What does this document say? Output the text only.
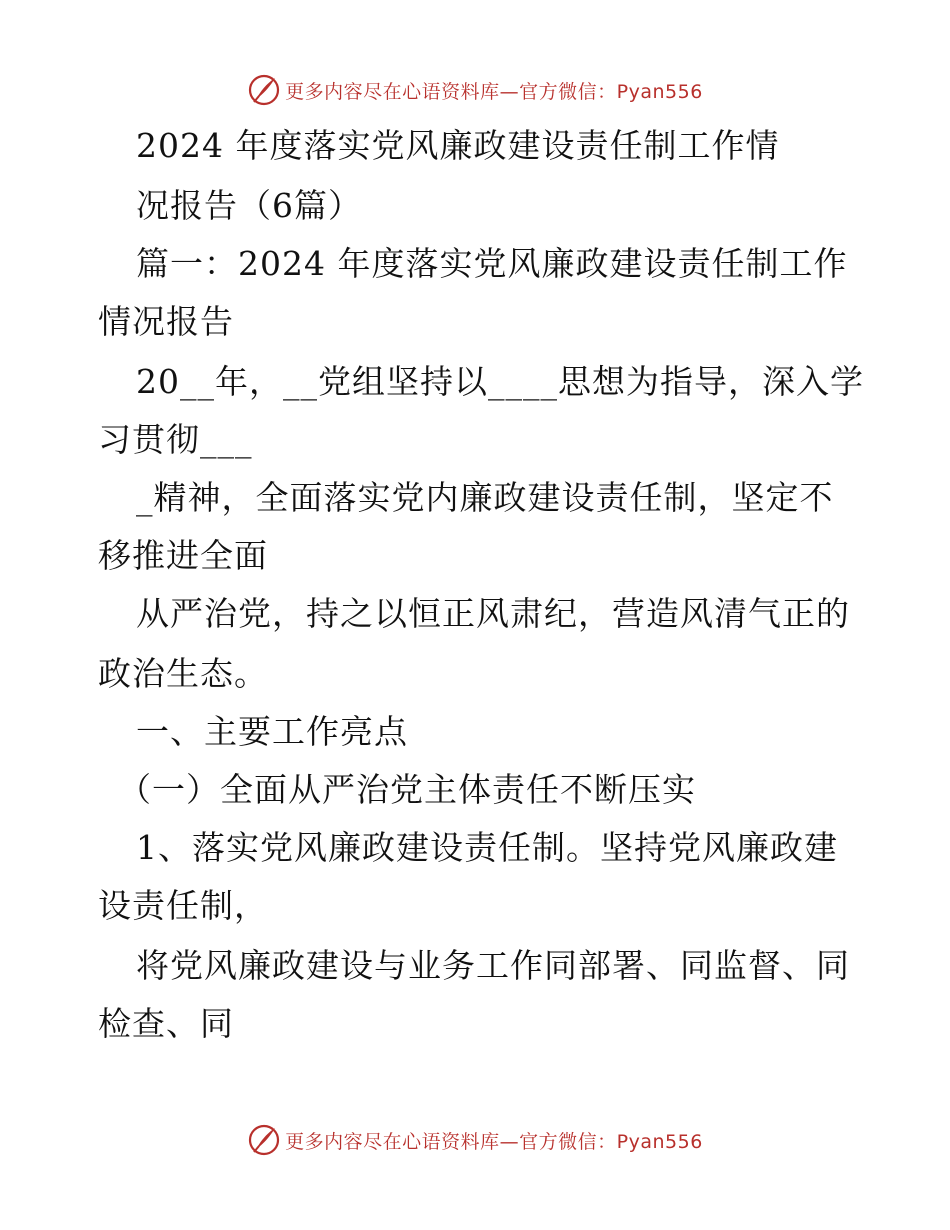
更多内容尽在心语资料库—官方微信：Pyan556
2024 年度落实党风廉政建设责任制工作情
况报告（6篇）
篇一：2024 年度落实党风廉政建设责任制工作
情况报告
20__年，__党组坚持以____思想为指导，深入学
习贯彻___
_精神，全面落实党内廉政建设责任制，坚定不
移推进全面
从严治党，持之以恒正风肃纪，营造风清气正的
政治生态。
一、主要工作亮点
（一）全面从严治党主体责任不断压实
1、落实党风廉政建设责任制。坚持党风廉政建
设责任制，
将党风廉政建设与业务工作同部署、同监督、同
检查、同
更多内容尽在心语资料库—官方微信：Pyan556
